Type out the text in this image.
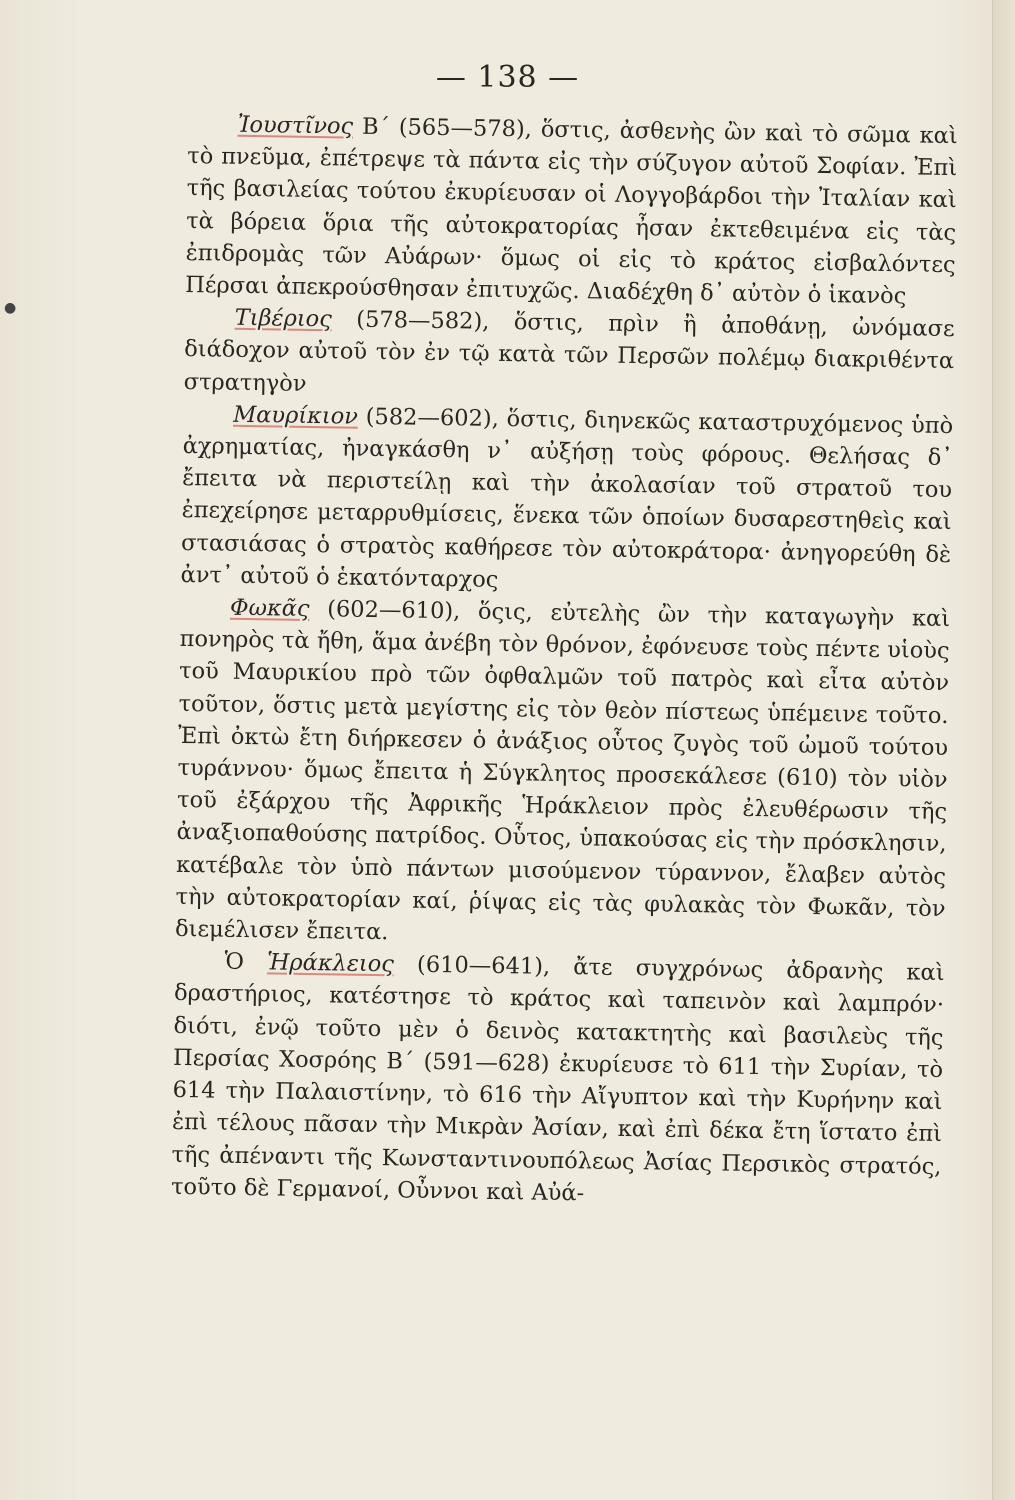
●
— 138 —

Ἰουστῖνος Β΄ (565—578), ὅστις, ἀσθενὴς ὢν καὶ τὸ σῶμα καὶ τὸ πνεῦμα, ἐπέτρεψε τὰ πάντα εἰς τὴν σύζυγον αὐτοῦ Σοφίαν. Ἐπὶ τῆς βασιλείας τούτου ἐκυρίευσαν οἱ Λογγοβάρδοι τὴν Ἰταλίαν καὶ τὰ βόρεια ὅρια τῆς αὐτοκρατορίας ἦσαν ἐκτεθειμένα εἰς τὰς ἐπιδρομὰς τῶν Αὐάρων· ὅμως οἱ εἰς τὸ κράτος εἰσβαλόντες Πέρσαι ἀπεκρούσθησαν ἐπιτυχῶς. Διαδέχθη δ᾽ αὐτὸν ὁ ἱκανὸς

Τιβέριος (578—582), ὅστις, πρὶν ἢ ἀποθάνῃ, ὠνόμασε διάδοχον αὐτοῦ τὸν ἐν τῷ κατὰ τῶν Περσῶν πολέμῳ διακριθέντα στρατηγὸν

Μαυρίκιον (582—602), ὅστις, διηνεκῶς καταστρυχόμενος ὑπὸ ἀχρηματίας, ἠναγκάσθη ν᾽ αὐξήσῃ τοὺς φόρους. Θελήσας δ᾽ ἔπειτα νὰ περιστείλῃ καὶ τὴν ἀκολασίαν τοῦ στρατοῦ του ἐπεχείρησε μεταρρυθμίσεις, ἕνεκα τῶν ὁποίων δυσαρεστηθεὶς καὶ στασιάσας ὁ στρατὸς καθήρεσε τὸν αὐτοκράτορα· ἀνηγορεύθη δὲ ἀντ᾽ αὐτοῦ ὁ ἑκατόνταρχος

Φωκᾶς (602—610), ὅςις, εὐτελὴς ὢν τὴν καταγωγὴν καὶ πονηρὸς τὰ ἤθη, ἅμα ἀνέβη τὸν θρόνον, ἐφόνευσε τοὺς πέντε υἱοὺς τοῦ Μαυρικίου πρὸ τῶν ὀφθαλμῶν τοῦ πατρὸς καὶ εἶτα αὐτὸν τοῦτον, ὅστις μετὰ μεγίστης εἰς τὸν θεὸν πίστεως ὑπέμεινε τοῦτο. Ἐπὶ ὀκτὼ ἔτη διήρκεσεν ὁ ἀνάξιος οὗτος ζυγὸς τοῦ ὠμοῦ τούτου τυράννου· ὅμως ἔπειτα ἡ Σύγκλητος προσεκάλεσε (610) τὸν υἱὸν τοῦ ἐξάρχου τῆς Ἀφρικῆς Ἡράκλειον πρὸς ἐλευθέρωσιν τῆς ἀναξιοπαθούσης πατρίδος. Οὗτος, ὑπακούσας εἰς τὴν πρόσκλησιν, κατέβαλε τὸν ὑπὸ πάντων μισούμενον τύραννον, ἔλαβεν αὐτὸς τὴν αὐτοκρατορίαν καί, ῥίψας εἰς τὰς φυλακὰς τὸν Φωκᾶν, τὸν διεμέλισεν ἔπειτα.

Ὁ Ἡράκλειος (610—641), ἄτε συγχρόνως ἀδρανὴς καὶ δραστήριος, κατέστησε τὸ κράτος καὶ ταπεινὸν καὶ λαμπρόν· διότι, ἐνῷ τοῦτο μὲν ὁ δεινὸς κατακτητὴς καὶ βασιλεὺς τῆς Περσίας Χοσρόης Β΄ (591—628) ἐκυρίευσε τὸ 611 τὴν Συρίαν, τὸ 614 τὴν Παλαιστίνην, τὸ 616 τὴν Αἴγυπτον καὶ τὴν Κυρήνην καὶ ἐπὶ τέλους πᾶσαν τὴν Μικρὰν Ἀσίαν, καὶ ἐπὶ δέκα ἔτη ἵστατο ἐπὶ τῆς ἀπέναντι τῆς Κωνσταντινουπόλεως Ἀσίας Περσικὸς στρατός, τοῦτο δὲ Γερμανοί, Οὖννοι καὶ Αὐά-
